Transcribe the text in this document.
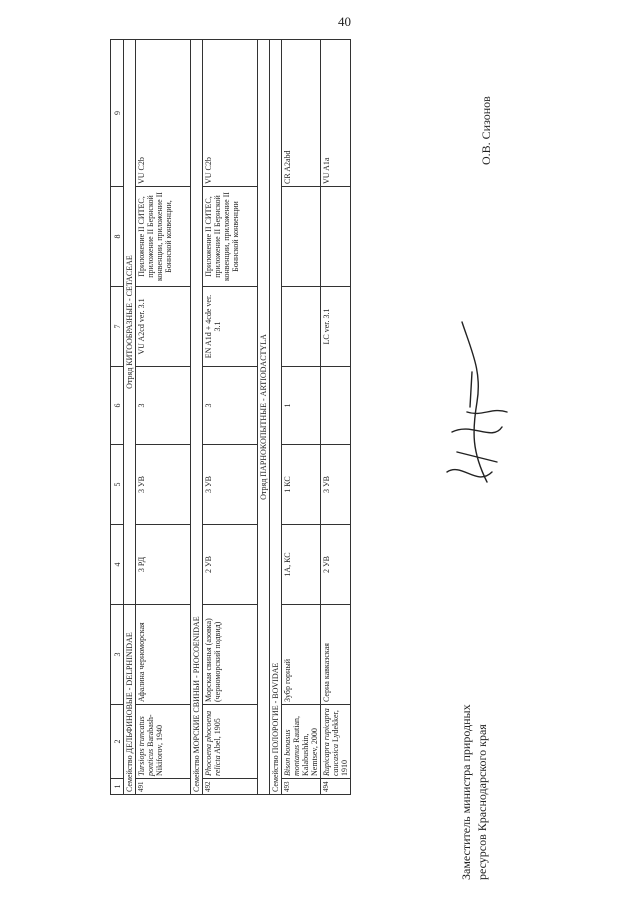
40
1	2	3	4	5	6	7	8	9
Семейство ДЕЛЬФИНОВЫЕ - DELPHINIDAE			Отряд КИТООБРАЗНЫЕ - CETACEAE					
491	Tursiops truncatus ponticus Barabash-Nikiforov, 1940	Афалина черноморская	3 РД	3 УВ	3	VU A2cd ver. 3.1	Приложение II СИТЕС, приложение II Бернской конвенции, приложение II Боннской конвенции,	VU C2b
Семейство МОРСКИЕ СВИНЬИ - PHOCOENIDAE								
492	Phocoena phocoena relicta Abel, 1905	Морская свинья (азовка) (черноморский подвид)	2 УВ	3 УВ	3	EN A1d + 4cde ver. 3.1	Приложение II СИТЕС, приложение II Бернской конвенции, приложение II Боннской конвенции	VU C2b
Отряд ПАРНОКОПЫТНЫЕ - ARTIODACTYLA								
Семейство ПОЛОРОГИЕ - BOVIDAE								
493	Bison bonasus montanus Rautian, Kalabushkin, Nemtsev, 2000	Зубр горный	1А, КС	1 КС	1			CR A2abd
494	Rupicapra rupicapra caucasica Lydekker, 1910	Серна кавказская	2 УВ	3 УВ		LC ver. 3.1		VU A1a
Заместитель министра природных ресурсов Краснодарского края
О.В. Сизонов
